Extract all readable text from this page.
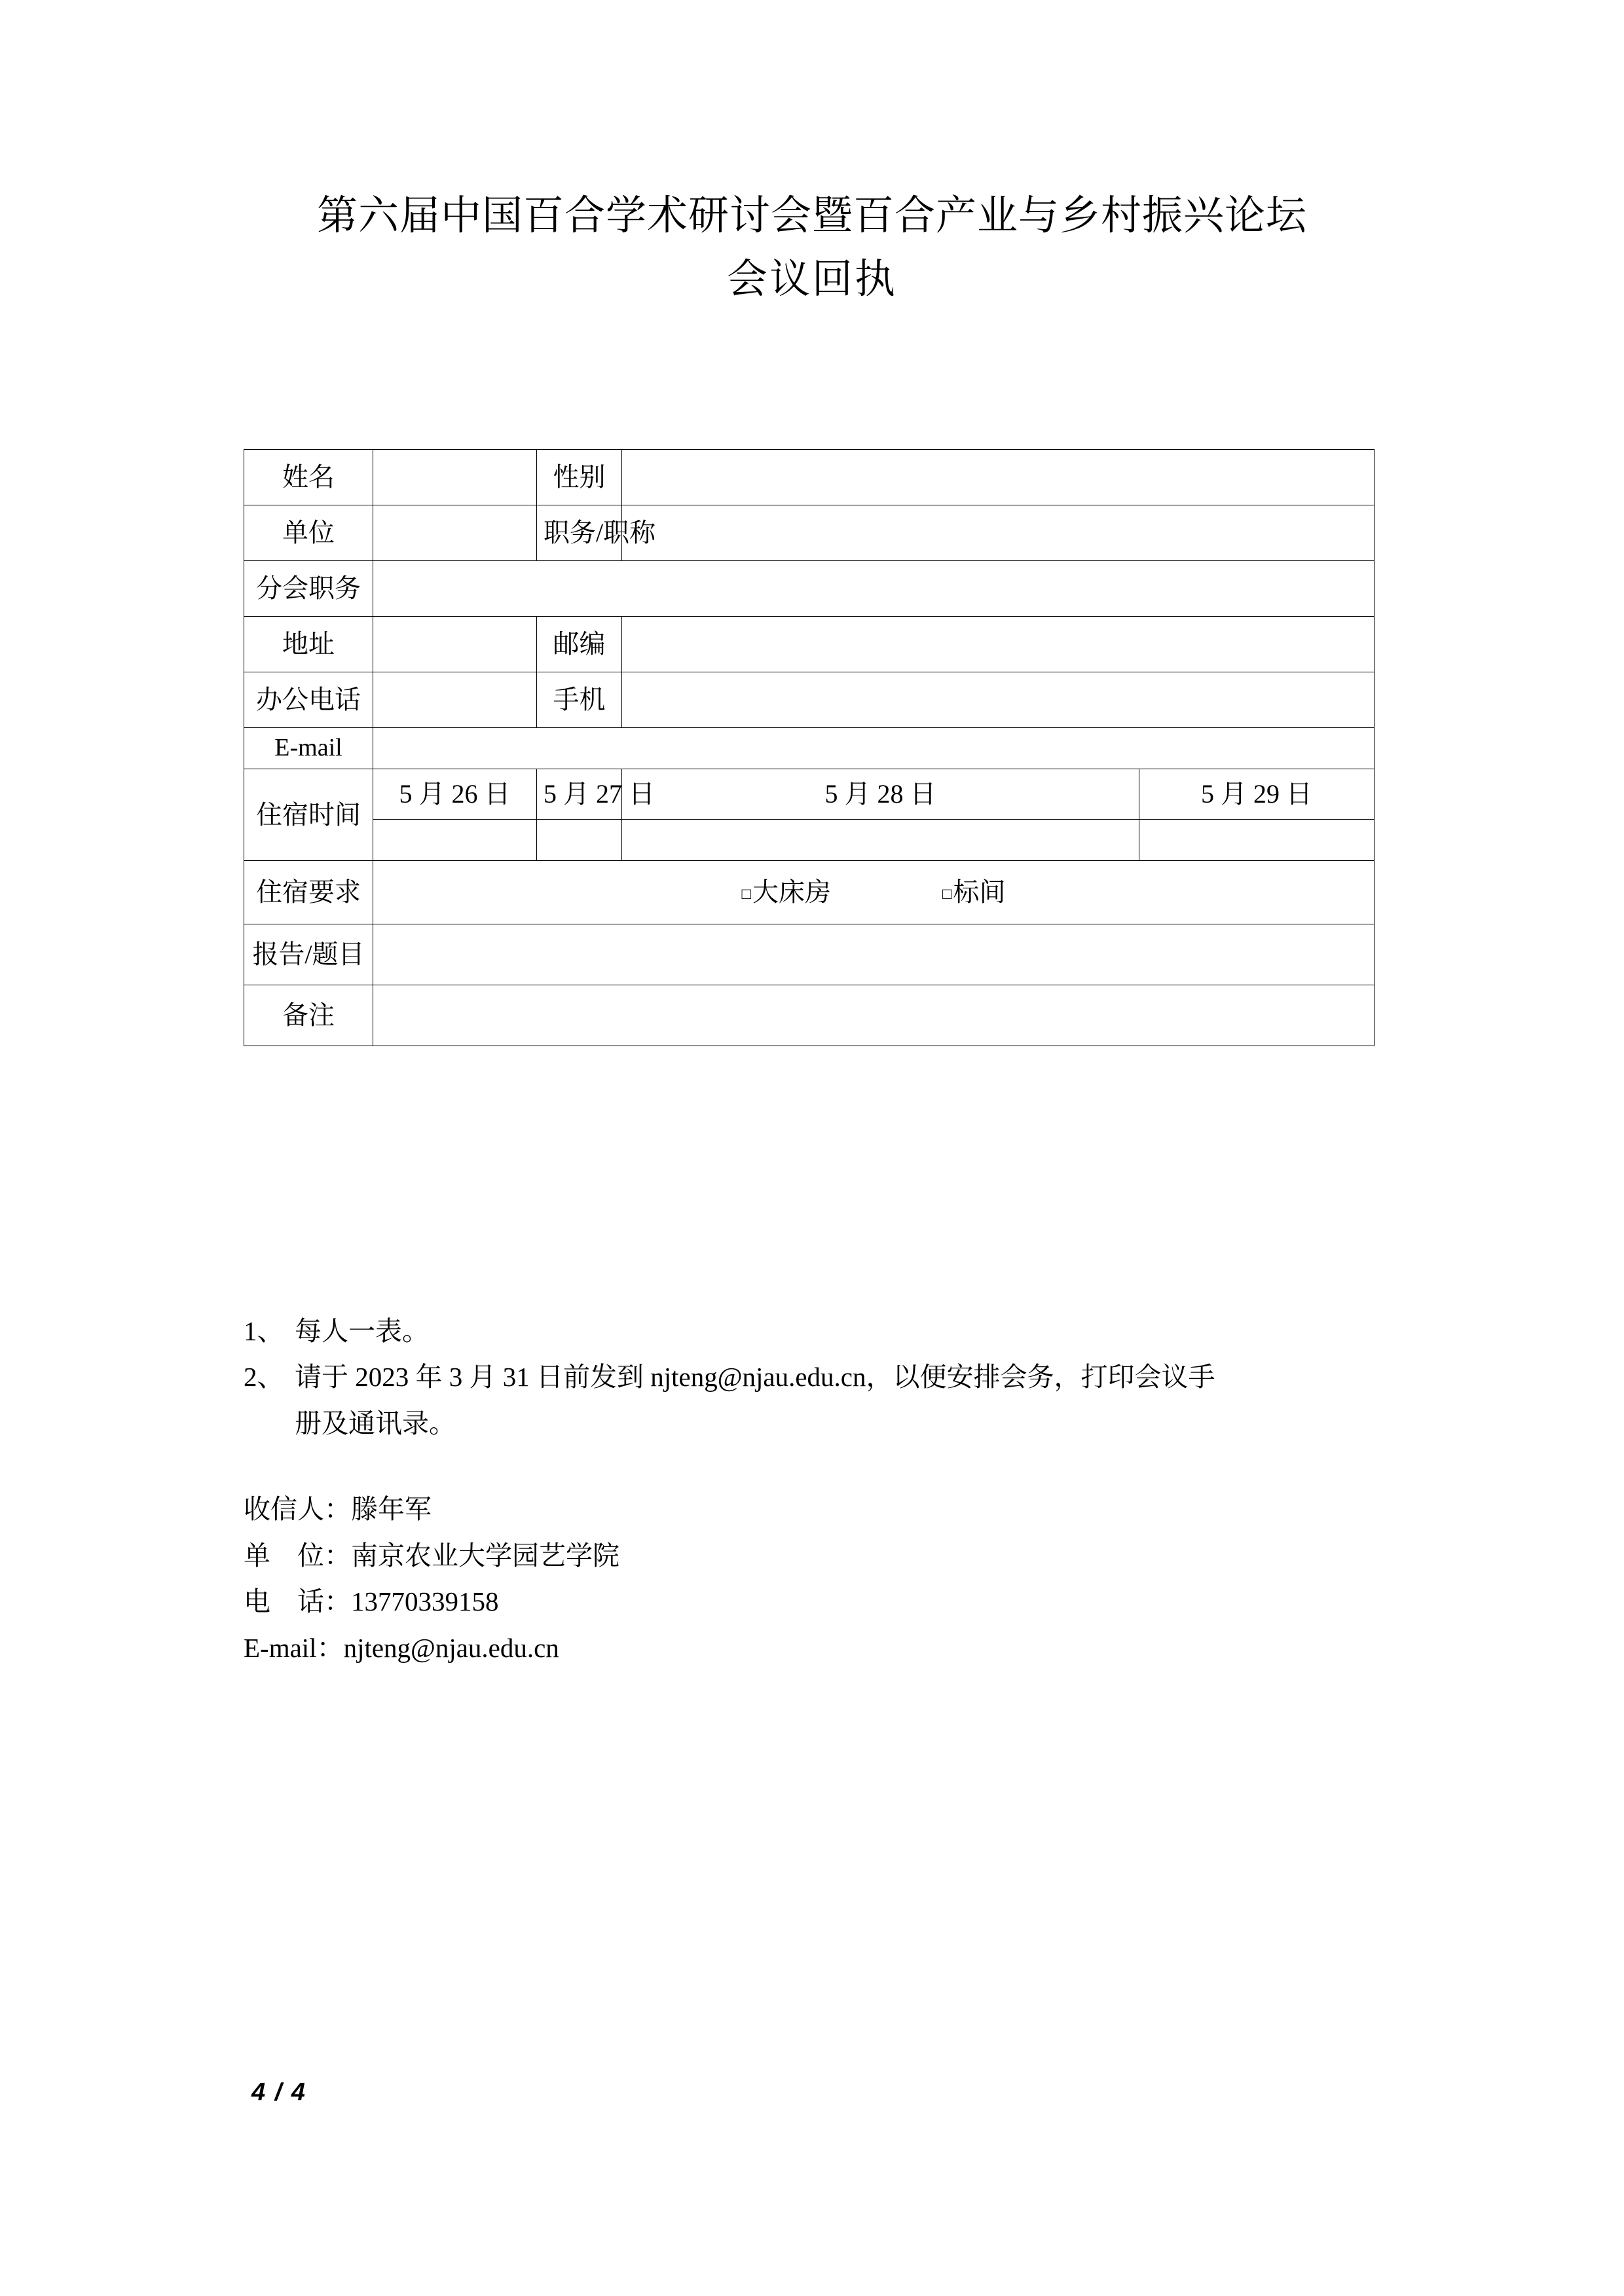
第六届中国百合学术研讨会暨百合产业与乡村振兴论坛
会议回执
姓名		性别		
单位		职务/职称		
分会职务				
地址		邮编		
办公电话		手机		
E-mail				
住宿时间	5 月 26 日	5 月 27 日	5 月 28 日	5 月 29 日

住宿要求	□大床房 □标间			

报告/题目				
备注				
1、 每人一表。
2、 请于 2023 年 3 月 31 日前发到 njteng@njau.edu.cn，以便安排会务，打印会议手
册及通讯录。
收信人：滕年军
单　位：南京农业大学园艺学院
电　话：13770339158
E-mail：njteng@njau.edu.cn
4 / 4
